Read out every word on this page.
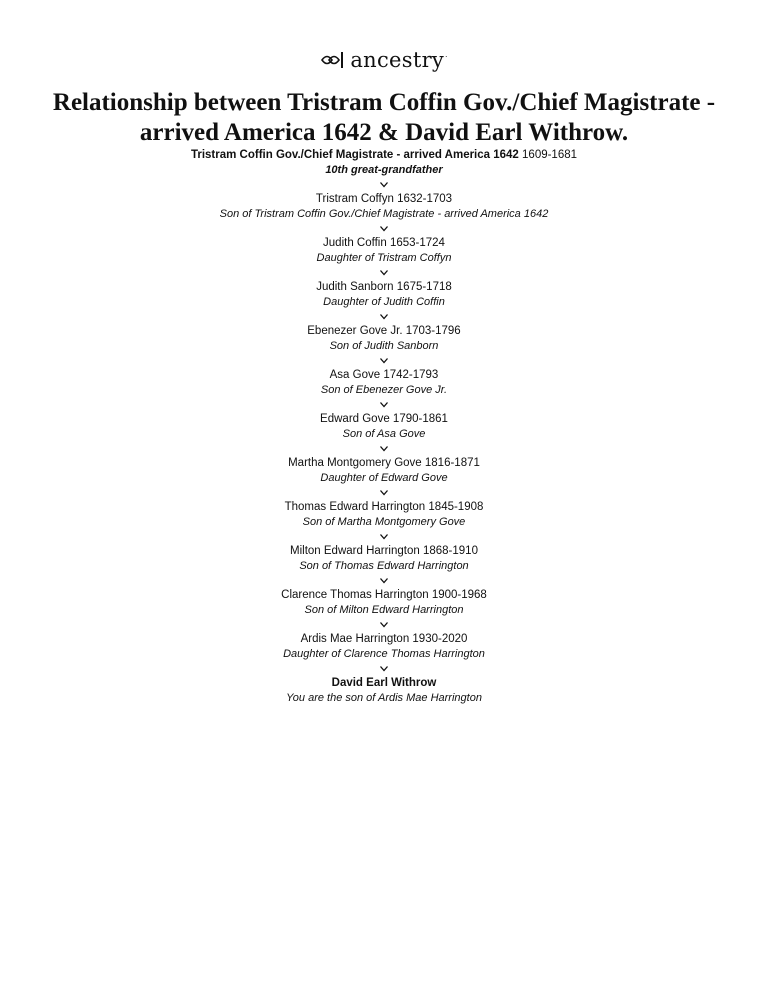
ancestry·
Relationship between Tristram Coffin Gov./Chief Magistrate - arrived America 1642 & David Earl Withrow.
Tristram Coffin Gov./Chief Magistrate - arrived America 1642 1609-1681
10th great-grandfather
Tristram Coffyn 1632-1703
Son of Tristram Coffin Gov./Chief Magistrate - arrived America 1642
Judith Coffin 1653-1724
Daughter of Tristram Coffyn
Judith Sanborn 1675-1718
Daughter of Judith Coffin
Ebenezer Gove Jr. 1703-1796
Son of Judith Sanborn
Asa Gove 1742-1793
Son of Ebenezer Gove Jr.
Edward Gove 1790-1861
Son of Asa Gove
Martha Montgomery Gove 1816-1871
Daughter of Edward Gove
Thomas Edward Harrington 1845-1908
Son of Martha Montgomery Gove
Milton Edward Harrington 1868-1910
Son of Thomas Edward Harrington
Clarence Thomas Harrington 1900-1968
Son of Milton Edward Harrington
Ardis Mae Harrington 1930-2020
Daughter of Clarence Thomas Harrington
David Earl Withrow
You are the son of Ardis Mae Harrington
